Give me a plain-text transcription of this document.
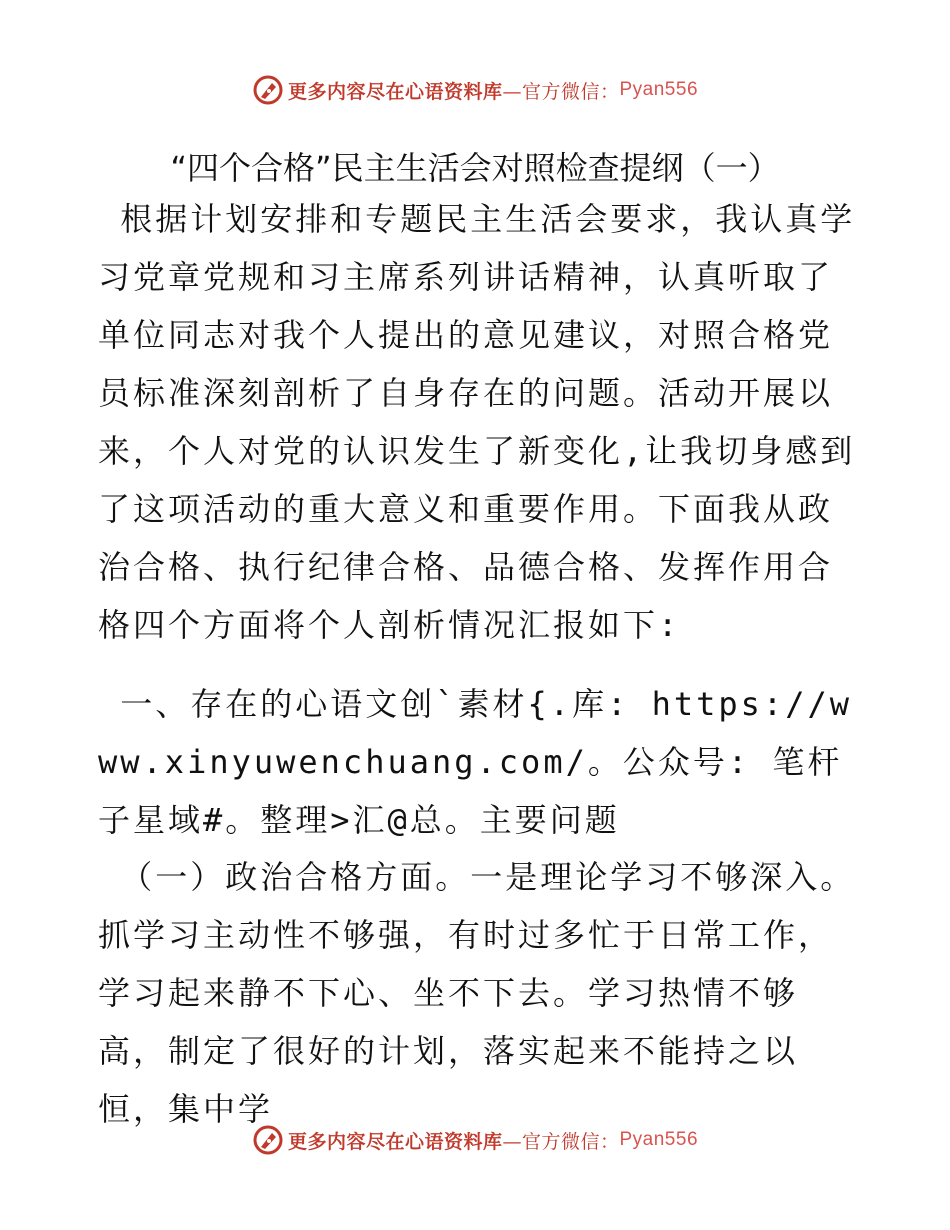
更多内容尽在心语资料库 —官方微信： Pyan556
“四个合格”民主生活会对照检查提纲（一）
根据计划安排和专题民主生活会要求，我认真学习党章党规和习主席系列讲话精神，认真听取了单位同志对我个人提出的意见建议，对照合格党员标准深刻剖析了自身存在的问题。活动开展以来，个人对党的认识发生了新变化,让我切身感到了这项活动的重大意义和重要作用。下面我从政治合格、执行纪律合格、品德合格、发挥作用合格四个方面将个人剖析情况汇报如下:
一、存在的心语文创`素材{.库: https://www.xinyuwenchuang.com/。公众号: 笔杆子星域#。整理>汇@总。主要问题
（一）政治合格方面。一是理论学习不够深入。抓学习主动性不够强，有时过多忙于日常工作，学习起来静不下心、坐不下去。学习热情不够高，制定了很好的计划，落实起来不能持之以恒，集中学
更多内容尽在心语资料库 —官方微信： Pyan556
